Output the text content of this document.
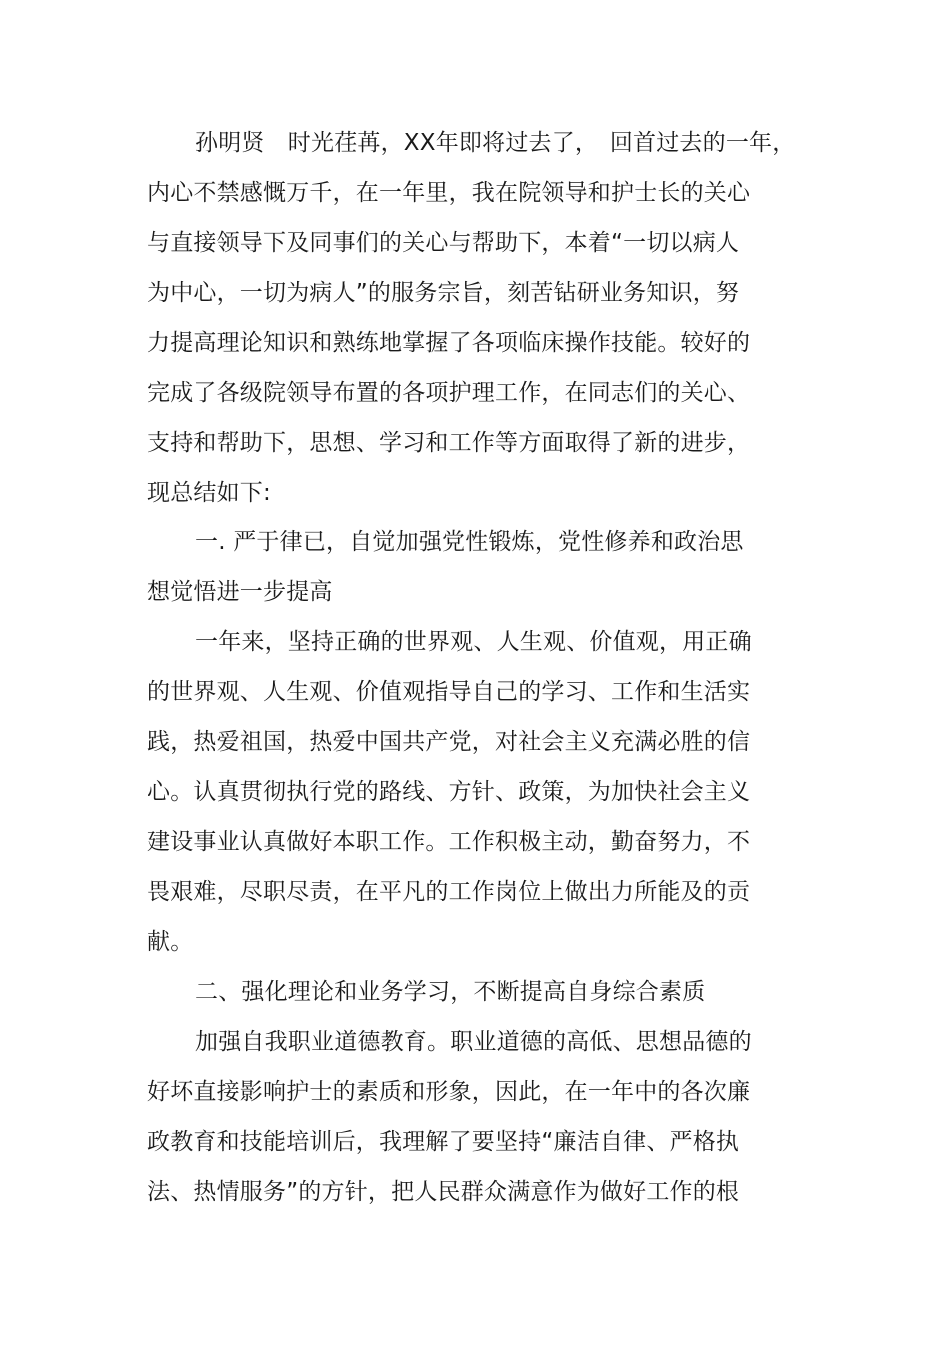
孙明贤　时光荏苒，XX年即将过去了，　回首过去的一年，
内心不禁感慨万千，在一年里，我在院领导和护士长的关心
与直接领导下及同事们的关心与帮助下，本着“一切以病人
为中心，一切为病人”的服务宗旨，刻苦钻研业务知识，努
力提高理论知识和熟练地掌握了各项临床操作技能。较好的
完成了各级院领导布置的各项护理工作，在同志们的关心、
支持和帮助下，思想、学习和工作等方面取得了新的进步，
现总结如下:
一. 严于律已，自觉加强党性锻炼，党性修养和政治思
想觉悟进一步提高
一年来，坚持正确的世界观、人生观、价值观，用正确
的世界观、人生观、价值观指导自己的学习、工作和生活实
践，热爱祖国，热爱中国共产党，对社会主义充满必胜的信
心。认真贯彻执行党的路线、方针、政策，为加快社会主义
建设事业认真做好本职工作。工作积极主动，勤奋努力，不
畏艰难，尽职尽责，在平凡的工作岗位上做出力所能及的贡
献。
二、强化理论和业务学习，不断提高自身综合素质
加强自我职业道德教育。职业道德的高低、思想品德的
好坏直接影响护士的素质和形象，因此，在一年中的各次廉
政教育和技能培训后，我理解了要坚持“廉洁自律、严格执
法、热情服务”的方针，把人民群众满意作为做好工作的根
